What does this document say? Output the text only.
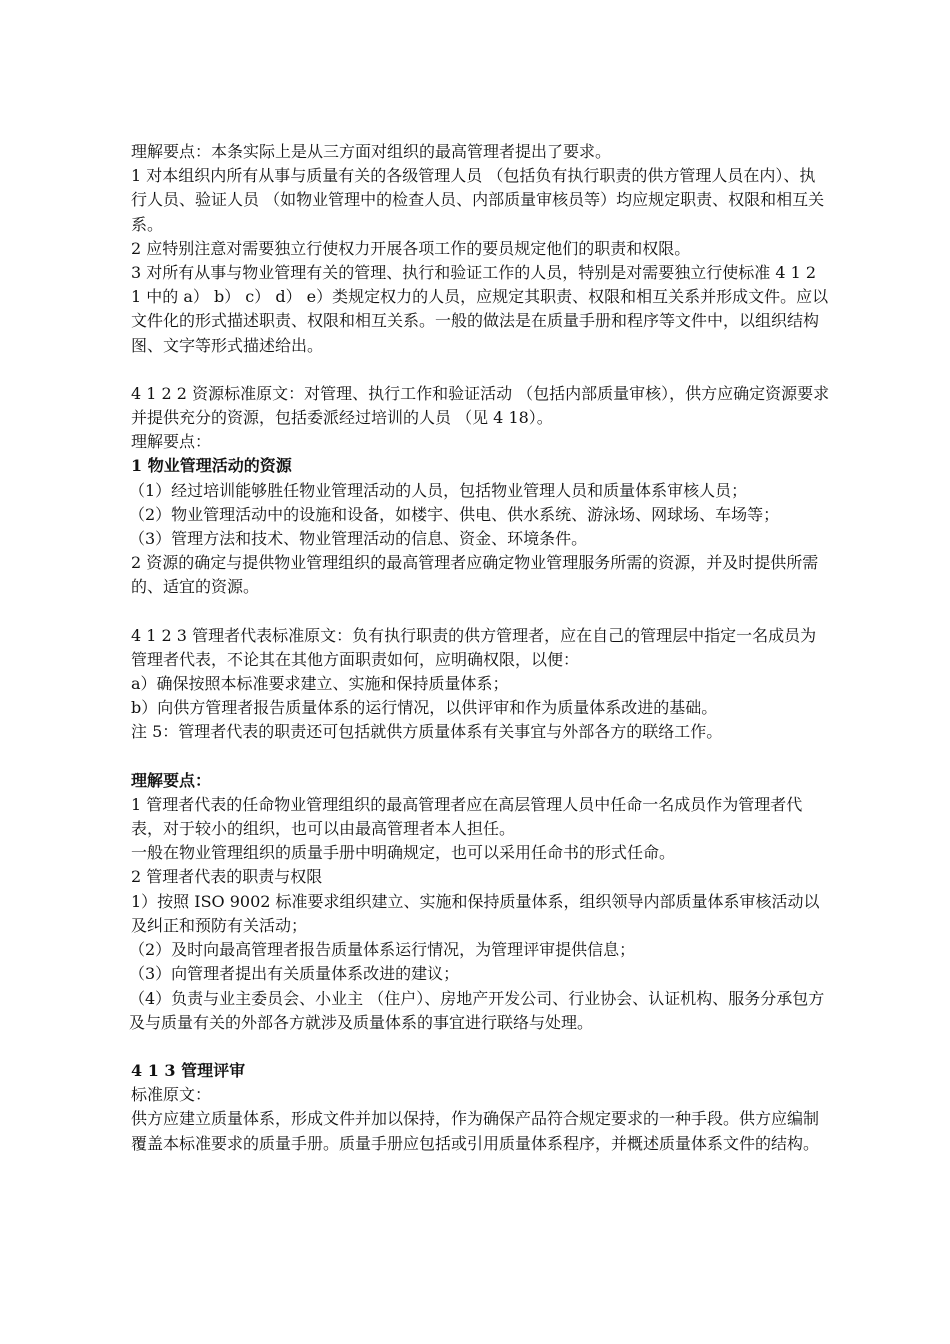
理解要点：本条实际上是从三方面对组织的最高管理者提出了要求。

1 对本组织内所有从事与质量有关的各级管理人员 （包括负有执行职责的供方管理人员在内）、执行人员、验证人员 （如物业管理中的检查人员、内部质量审核员等）均应规定职责、权限和相互关系。

2 应特别注意对需要独立行使权力开展各项工作的要员规定他们的职责和权限。

3 对所有从事与物业管理有关的管理、执行和验证工作的人员，特别是对需要独立行使标准 4 1 2 1 中的 a） b） c） d） e）类规定权力的人员，应规定其职责、权限和相互关系并形成文件。应以文件化的形式描述职责、权限和相互关系。一般的做法是在质量手册和程序等文件中，以组织结构图、文字等形式描述给出。

4 1 2 2 资源标准原文：对管理、执行工作和验证活动 （包括内部质量审核），供方应确定资源要求并提供充分的资源，包括委派经过培训的人员 （见 4 18）。

理解要点：

1 物业管理活动的资源

（1）经过培训能够胜任物业管理活动的人员，包括物业管理人员和质量体系审核人员；

（2）物业管理活动中的设施和设备，如楼宇、供电、供水系统、游泳场、网球场、车场等；

（3）管理方法和技术、物业管理活动的信息、资金、环境条件。

2 资源的确定与提供物业管理组织的最高管理者应确定物业管理服务所需的资源，并及时提供所需的、适宜的资源。

4 1 2 3 管理者代表标准原文：负有执行职责的供方管理者，应在自己的管理层中指定一名成员为管理者代表，不论其在其他方面职责如何，应明确权限，以便：

a）确保按照本标准要求建立、实施和保持质量体系；

b）向供方管理者报告质量体系的运行情况，以供评审和作为质量体系改进的基础。

注 5：管理者代表的职责还可包括就供方质量体系有关事宜与外部各方的联络工作。

理解要点：

1 管理者代表的任命物业管理组织的最高管理者应在高层管理人员中任命一名成员作为管理者代表，对于较小的组织，也可以由最高管理者本人担任。

一般在物业管理组织的质量手册中明确规定，也可以采用任命书的形式任命。

2 管理者代表的职责与权限

1）按照 ISO 9002 标准要求组织建立、实施和保持质量体系，组织领导内部质量体系审核活动以及纠正和预防有关活动；

（2）及时向最高管理者报告质量体系运行情况，为管理评审提供信息；

（3）向管理者提出有关质量体系改进的建议；

（4）负责与业主委员会、小业主 （住户）、房地产开发公司、行业协会、认证机构、服务分承包方及与质量有关的外部各方就涉及质量体系的事宜进行联络与处理。

4 1 3 管理评审

标准原文：

供方应建立质量体系，形成文件并加以保持，作为确保产品符合规定要求的一种手段。供方应编制覆盖本标准要求的质量手册。质量手册应包括或引用质量体系程序，并概述质量体系文件的结构。
